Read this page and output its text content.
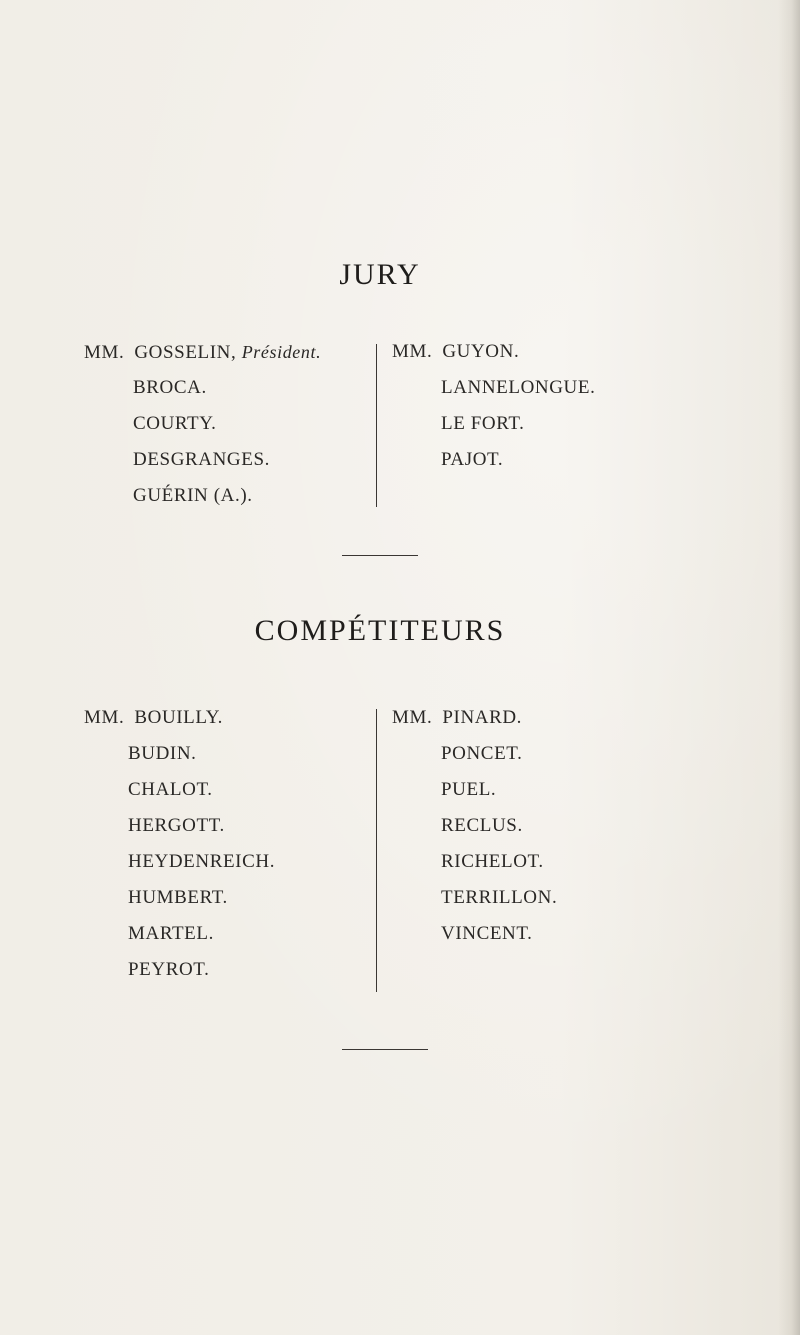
JURY
MM. GOSSELIN, Président.
BROCA.
COURTY.
DESGRANGES.
GUÉRIN (A.).
MM. GUYON.
LANNELONGUE.
LE FORT.
PAJOT.
COMPÉTITEURS
MM. BOUILLY.
BUDIN.
CHALOT.
HERGOTT.
HEYDENREICH.
HUMBERT.
MARTEL.
PEYROT.
MM. PINARD.
PONCET.
PUEL.
RECLUS.
RICHELOT.
TERRILLON.
VINCENT.
